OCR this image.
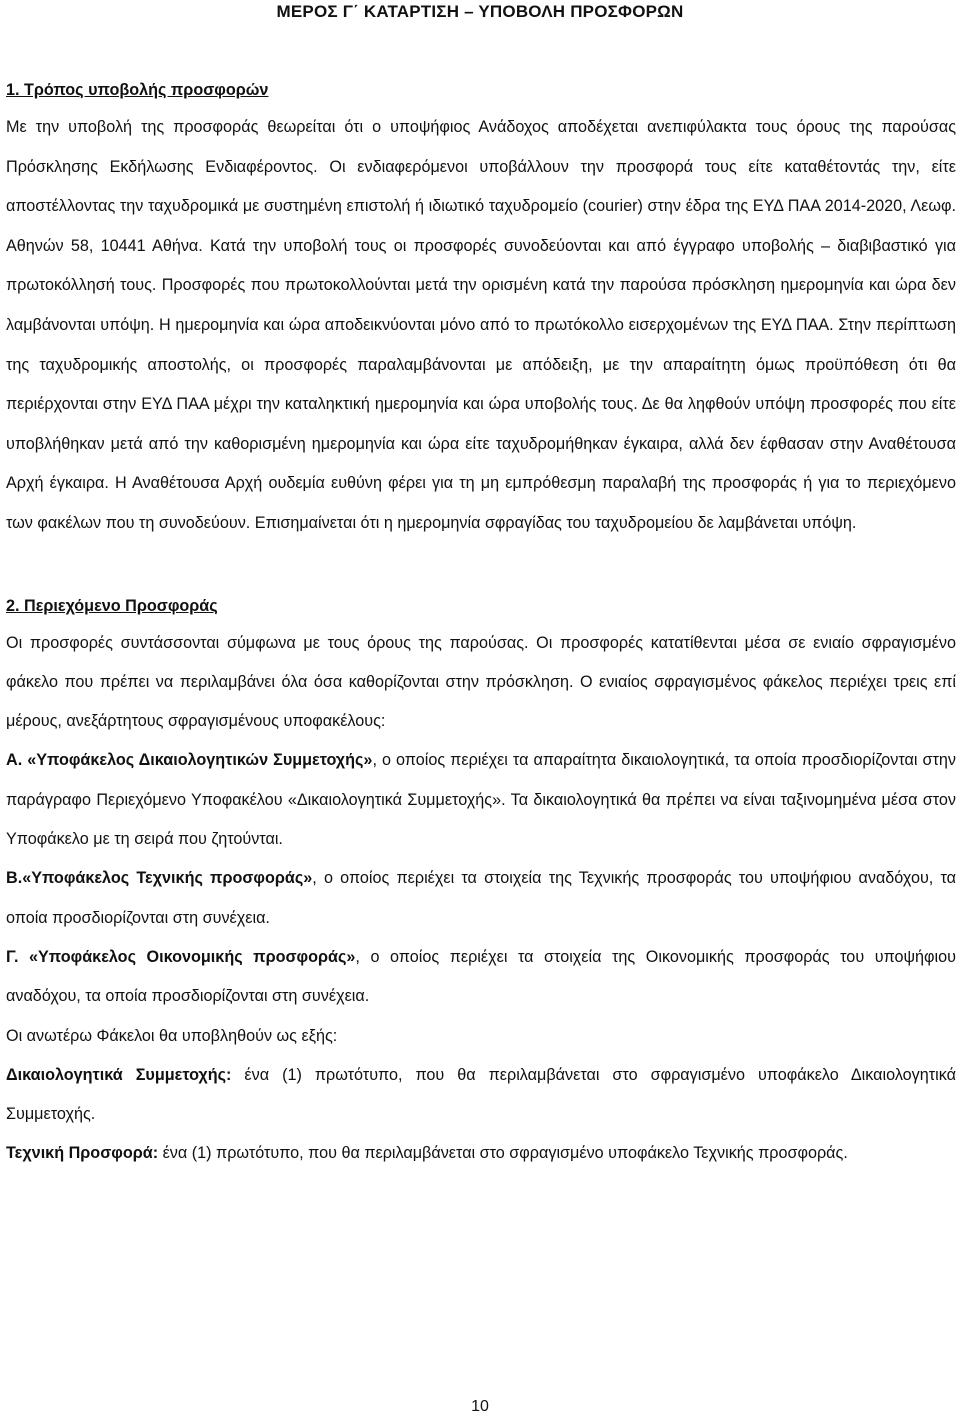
ΜΕΡΟΣ Γ΄ ΚΑΤΑΡΤΙΣΗ – ΥΠΟΒΟΛΗ ΠΡΟΣΦΟΡΩΝ

1. Τρόπος υποβολής προσφορών

Με την υποβολή της προσφοράς θεωρείται ότι ο υποψήφιος Ανάδοχος αποδέχεται ανεπιφύλακτα τους όρους της παρούσας Πρόσκλησης Εκδήλωσης Ενδιαφέροντος. Οι ενδιαφερόμενοι υποβάλλουν την προσφορά τους είτε καταθέτοντάς την, είτε αποστέλλοντας την ταχυδρομικά με συστημένη επιστολή ή ιδιωτικό ταχυδρομείο (courier) στην έδρα της ΕΥΔ ΠΑΑ 2014-2020, Λεωφ. Αθηνών 58, 10441 Αθήνα. Κατά την υποβολή τους οι προσφορές συνοδεύονται και από έγγραφο υποβολής – διαβιβαστικό για πρωτοκόλλησή τους. Προσφορές που πρωτοκολλούνται μετά την ορισμένη κατά την παρούσα πρόσκληση ημερομηνία και ώρα δεν λαμβάνονται υπόψη. Η ημερομηνία και ώρα αποδεικνύονται μόνο από το πρωτόκολλο εισερχομένων της ΕΥΔ ΠΑΑ. Στην περίπτωση της ταχυδρομικής αποστολής, οι προσφορές παραλαμβάνονται με απόδειξη, με την απαραίτητη όμως προϋπόθεση ότι θα περιέρχονται στην ΕΥΔ ΠΑΑ μέχρι την καταληκτική ημερομηνία και ώρα υποβολής τους. Δε θα ληφθούν υπόψη προσφορές που είτε υποβλήθηκαν μετά από την καθορισμένη ημερομηνία και ώρα είτε ταχυδρομήθηκαν έγκαιρα, αλλά δεν έφθασαν στην Αναθέτουσα Αρχή έγκαιρα. Η Αναθέτουσα Αρχή ουδεμία ευθύνη φέρει για τη μη εμπρόθεσμη παραλαβή της προσφοράς ή για το περιεχόμενο των φακέλων που τη συνοδεύουν. Επισημαίνεται ότι η ημερομηνία σφραγίδας του ταχυδρομείου δε λαμβάνεται υπόψη.

2. Περιεχόμενο Προσφοράς

Οι προσφορές συντάσσονται σύμφωνα με τους όρους της παρούσας. Οι προσφορές κατατίθενται μέσα σε ενιαίο σφραγισμένο φάκελο που πρέπει να περιλαμβάνει όλα όσα καθορίζονται στην πρόσκληση. Ο ενιαίος σφραγισμένος φάκελος περιέχει τρεις επί μέρους, ανεξάρτητους σφραγισμένους υποφακέλους:

Α. «Υποφάκελος Δικαιολογητικών Συμμετοχής», ο οποίος περιέχει τα απαραίτητα δικαιολογητικά, τα οποία προσδιορίζονται στην παράγραφο Περιεχόμενο Υποφακέλου «Δικαιολογητικά Συμμετοχής». Τα δικαιολογητικά θα πρέπει να είναι ταξινομημένα μέσα στον Υποφάκελο με τη σειρά που ζητούνται.

Β.«Υποφάκελος Τεχνικής προσφοράς», ο οποίος περιέχει τα στοιχεία της Τεχνικής προσφοράς του υποψήφιου αναδόχου, τα οποία προσδιορίζονται στη συνέχεια.

Γ. «Υποφάκελος Οικονομικής προσφοράς», ο οποίος περιέχει τα στοιχεία της Οικονομικής προσφοράς του υποψήφιου αναδόχου, τα οποία προσδιορίζονται στη συνέχεια.

Οι ανωτέρω Φάκελοι θα υποβληθούν ως εξής:

Δικαιολογητικά Συμμετοχής: ένα (1) πρωτότυπο, που θα περιλαμβάνεται στο σφραγισμένο υποφάκελο Δικαιολογητικά Συμμετοχής.

Τεχνική Προσφορά: ένα (1) πρωτότυπο, που θα περιλαμβάνεται στο σφραγισμένο υποφάκελο Τεχνικής προσφοράς.

10
